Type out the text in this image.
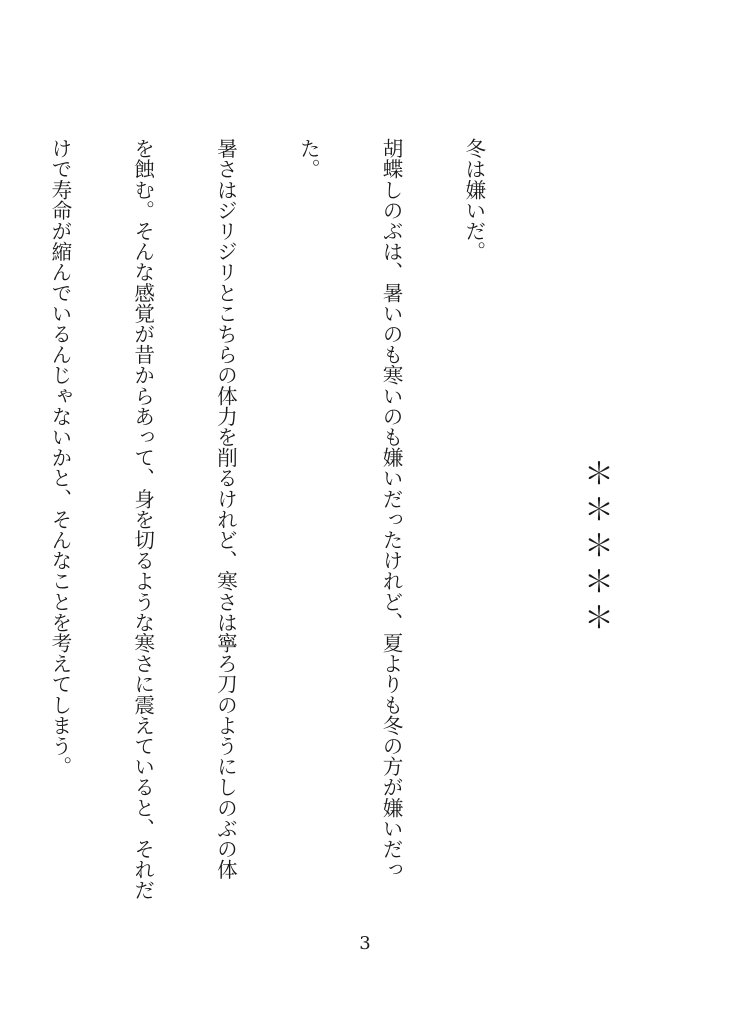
＊＊＊＊＊

冬は嫌いだ。

胡蝶しのぶは、暑いのも寒いのも嫌いだったけれど、夏よりも冬の方が嫌いだっ

た。

暑さはジリジリとこちらの体力を削るけれど、寒さは寧ろ刀のようにしのぶの体

を蝕む。そんな感覚が昔からあって、身を切るような寒さに震えていると、それだ

けで寿命が縮んでいるんじゃないかと、そんなことを考えてしまう。

3
